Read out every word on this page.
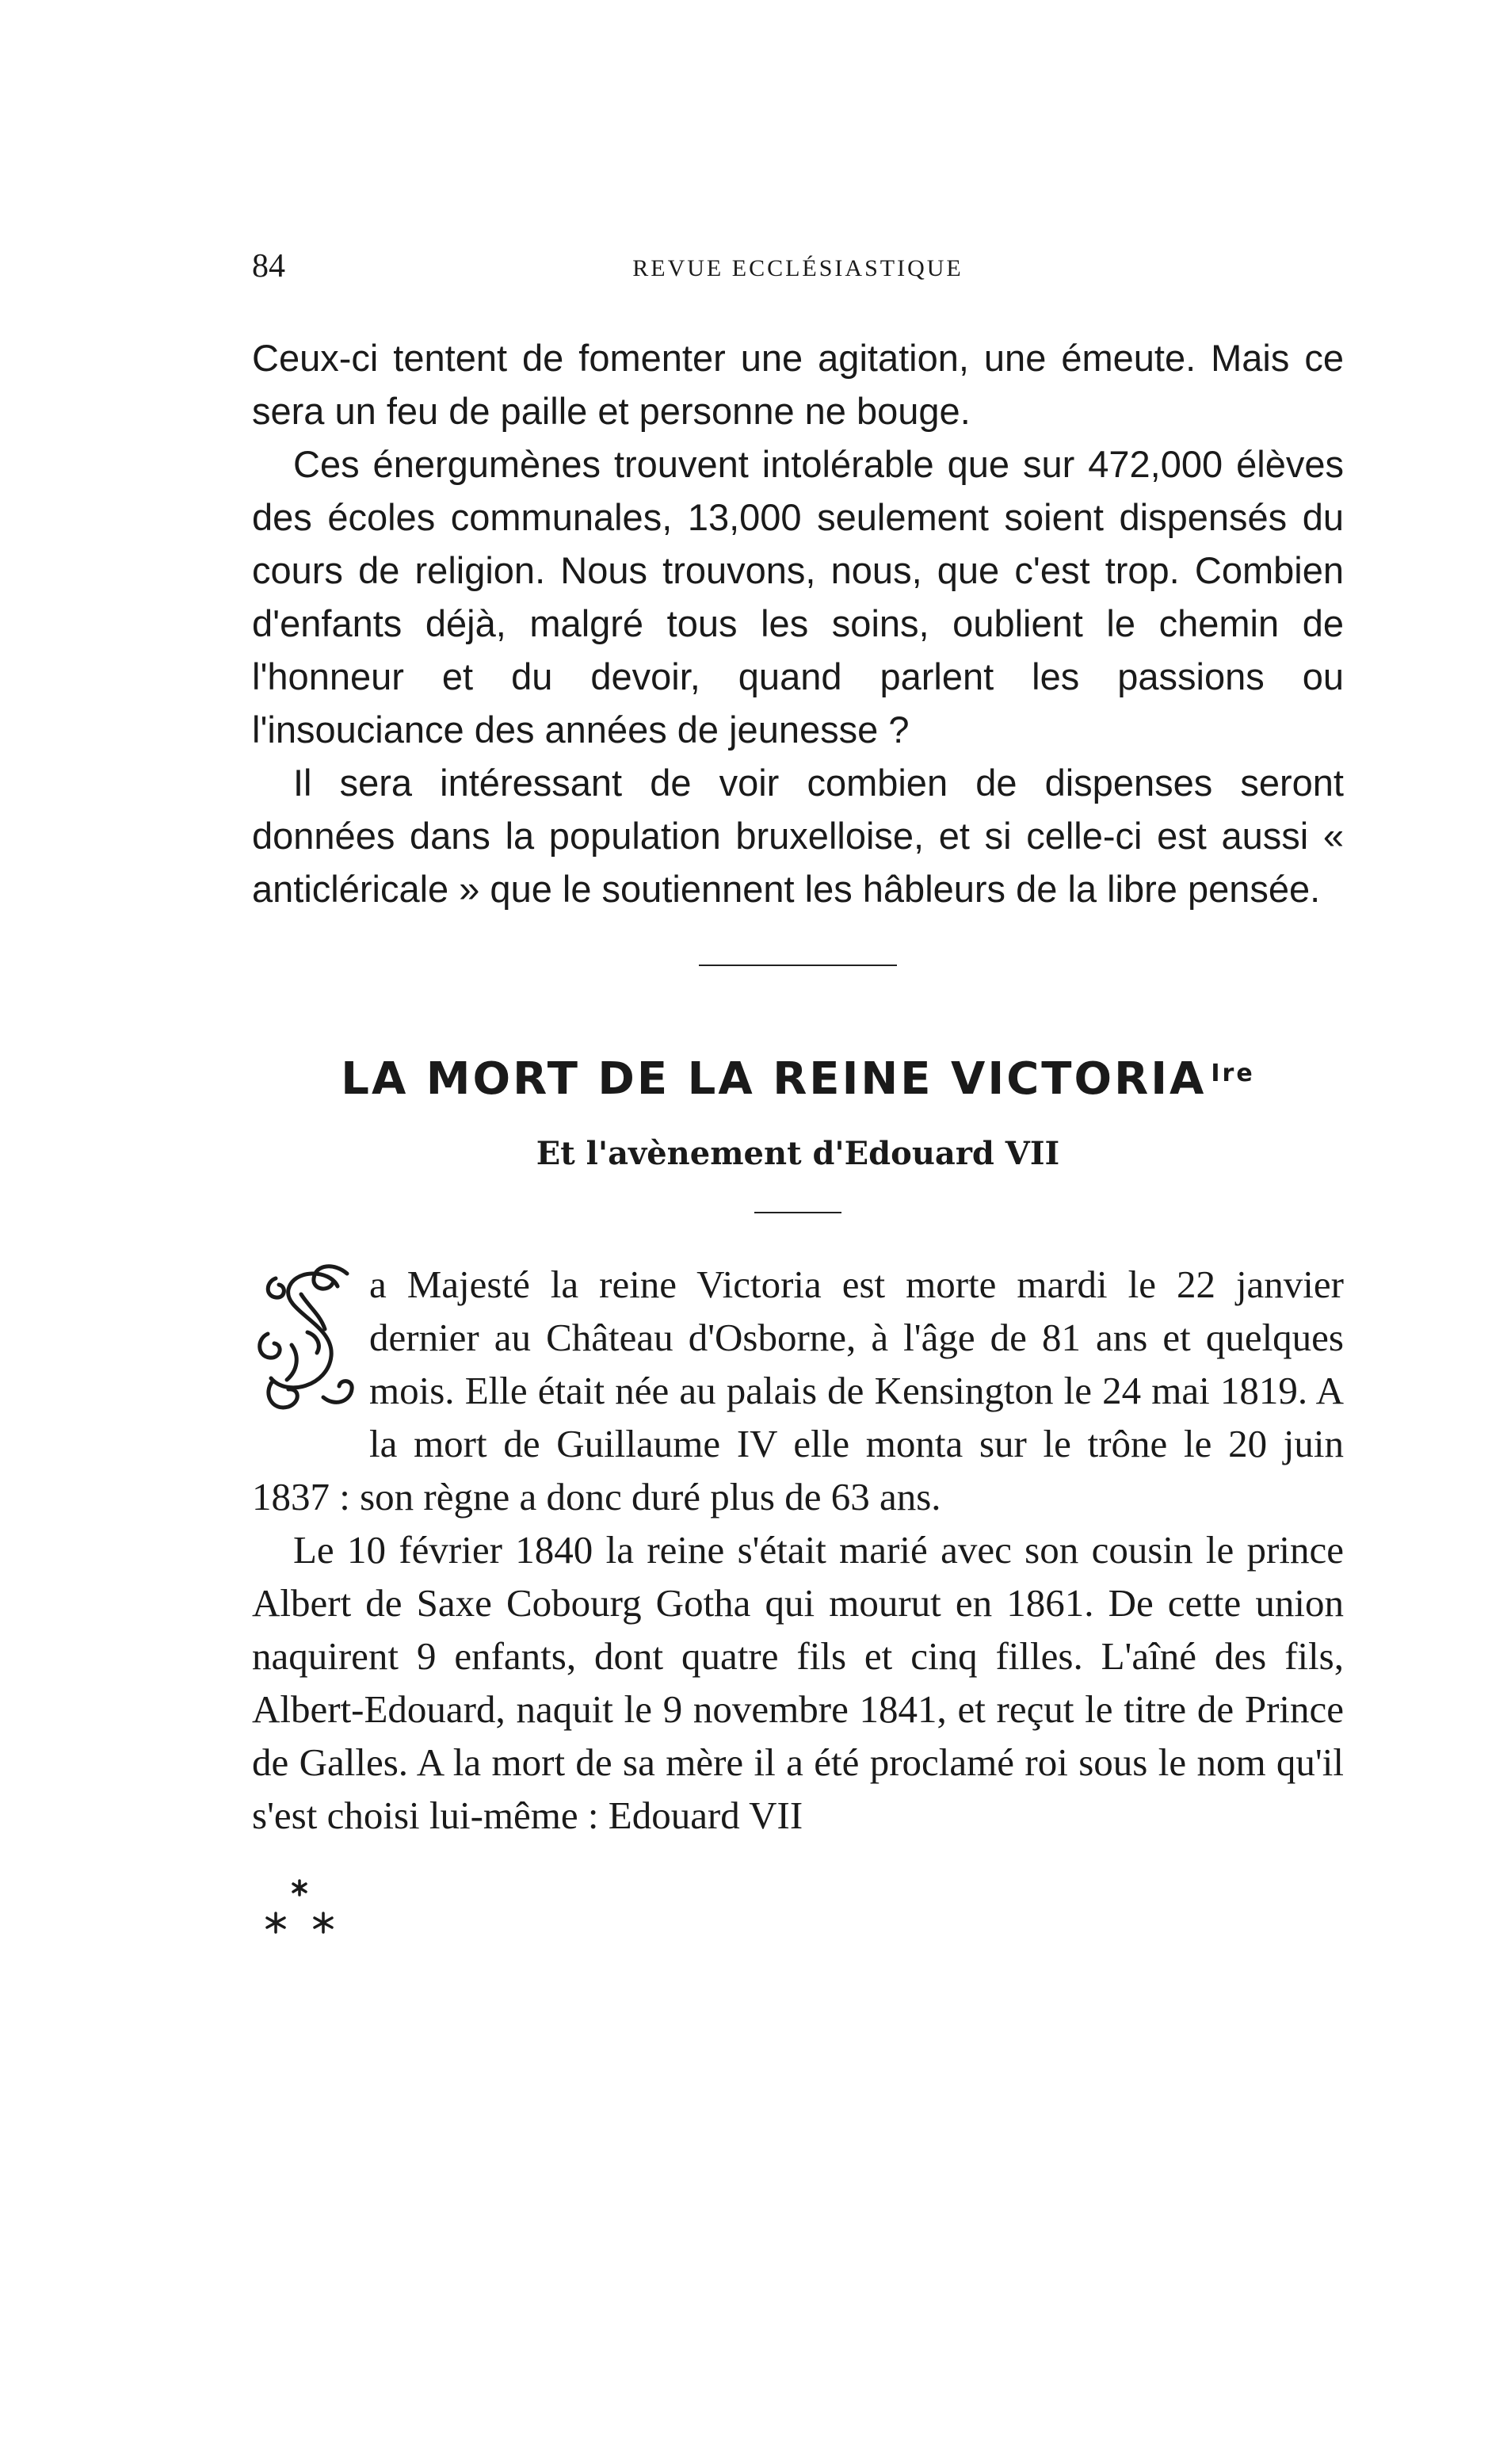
84	REVUE ECCLÉSIASTIQUE

Ceux-ci tentent de fomenter une agitation, une émeute. Mais ce sera un feu de paille et personne ne bouge.

Ces énergumènes trouvent intolérable que sur 472,000 élèves des écoles communales, 13,000 seulement soient dispensés du cours de religion. Nous trouvons, nous, que c'est trop. Combien d'enfants déjà, malgré tous les soins, oublient le chemin de l'honneur et du devoir, quand parlent les passions ou l'insouciance des années de jeunesse ?

Il sera intéressant de voir combien de dispenses seront données dans la population bruxelloise, et si celle-ci est aussi « anticléricale » que le soutiennent les hâbleurs de la libre pensée.

LA MORT DE LA REINE VICTORIA $^{Ire}$
Et l'avènement d'Edouard VII

a Majesté la reine Victoria est morte mardi le 22 janvier dernier au Château d'Osborne, à l'âge de 81 ans et quelques mois. Elle était née au palais de Kensington le 24 mai 1819. A la mort de Guillaume IV elle monta sur le trône le 20 juin 1837 : son règne a donc duré plus de 63 ans.

Le 10 février 1840 la reine s'était marié avec son cousin le prince Albert de Saxe Cobourg Gotha qui mourut en 1861. De cette union naquirent 9 enfants, dont quatre fils et cinq filles. L'aîné des fils, Albert-Edouard, naquit le 9 novembre 1841, et reçut le titre de Prince de Galles. A la mort de sa mère il a été proclamé roi sous le nom qu'il s'est choisi lui-même : Edouard VII
